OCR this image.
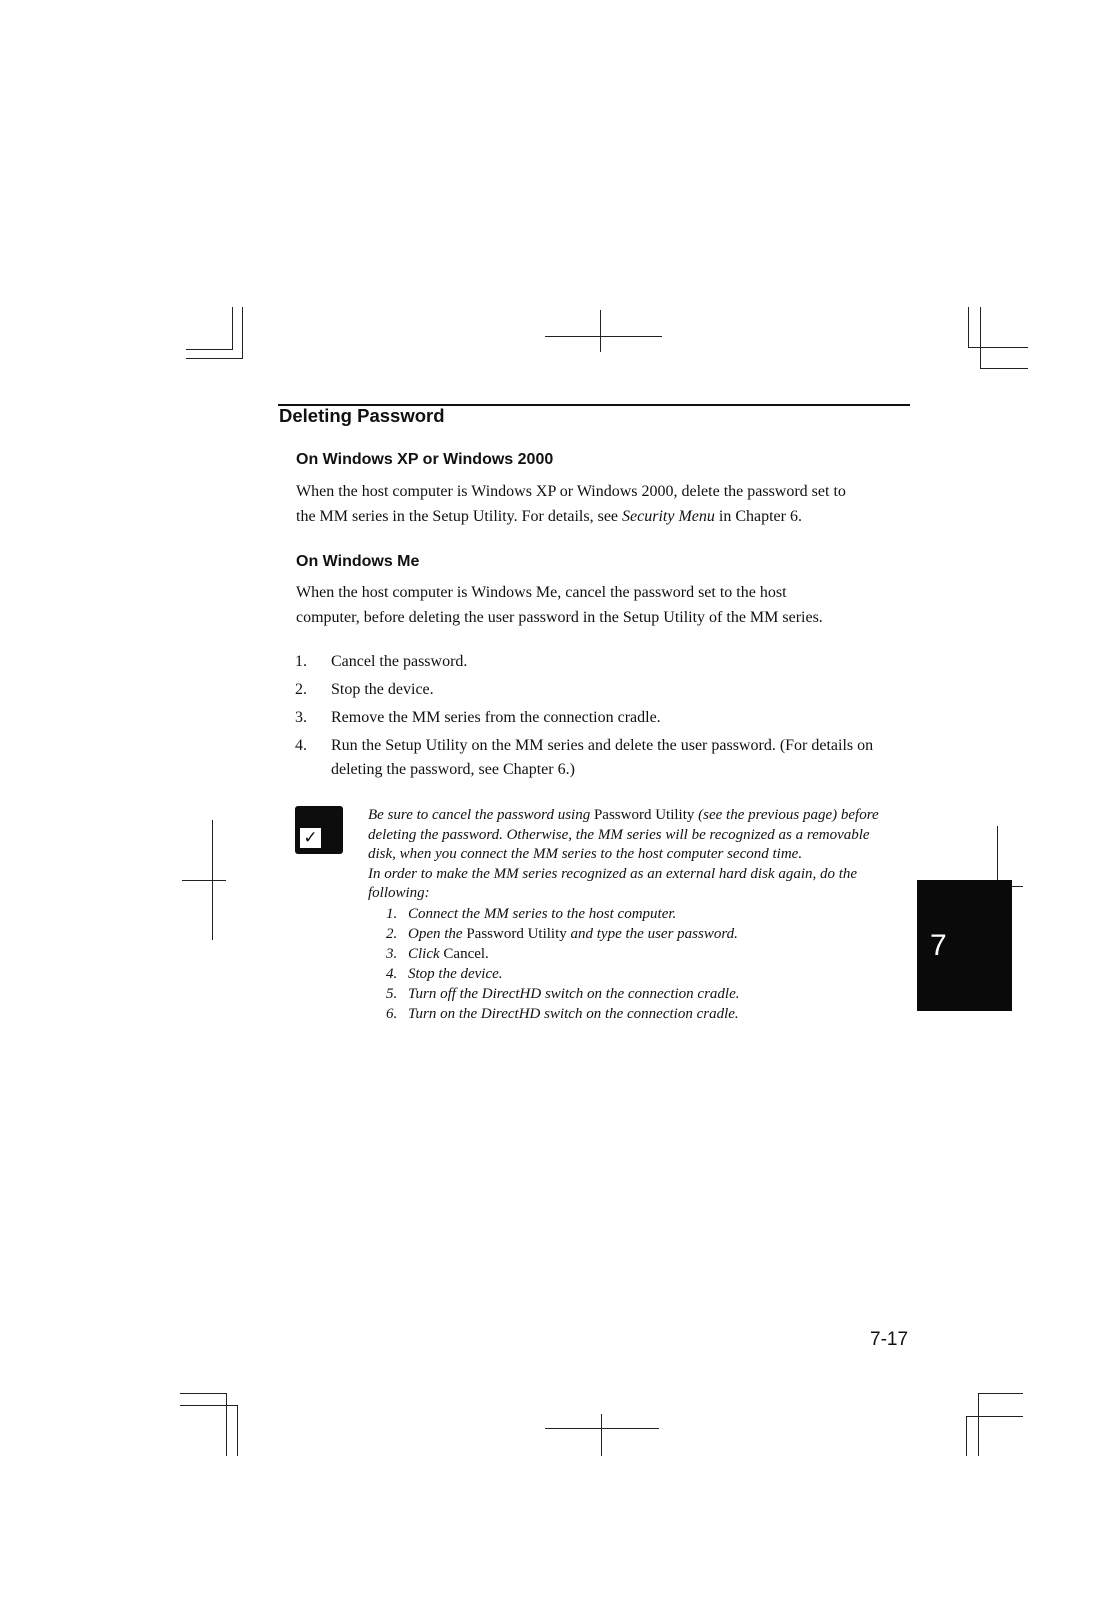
Deleting Password
On Windows XP or Windows 2000

When the host computer is Windows XP or Windows 2000, delete the password set to
the MM series in the Setup Utility. For details, see Security Menu in Chapter 6.

On Windows Me

When the host computer is Windows Me, cancel the password set to the host
computer, before deleting the user password in the Setup Utility of the MM series.

1. Cancel the password.
2. Stop the device.
3. Remove the MM series from the connection cradle.
4. Run the Setup Utility on the MM series and delete the user password. (For details on deleting the password, see Chapter 6.)
✓

Be sure to cancel the password using Password Utility (see the previous page) before deleting the password. Otherwise, the MM series will be recognized as a removable disk, when you connect the MM series to the host computer second time.

In order to make the MM series recognized as an external hard disk again, do the following:

1. Connect the MM series to the host computer.
2. Open the Password Utility and type the user password.
3. Click Cancel.
4. Stop the device.
5. Turn off the DirectHD switch on the connection cradle.
6. Turn on the DirectHD switch on the connection cradle.
7
7-17
